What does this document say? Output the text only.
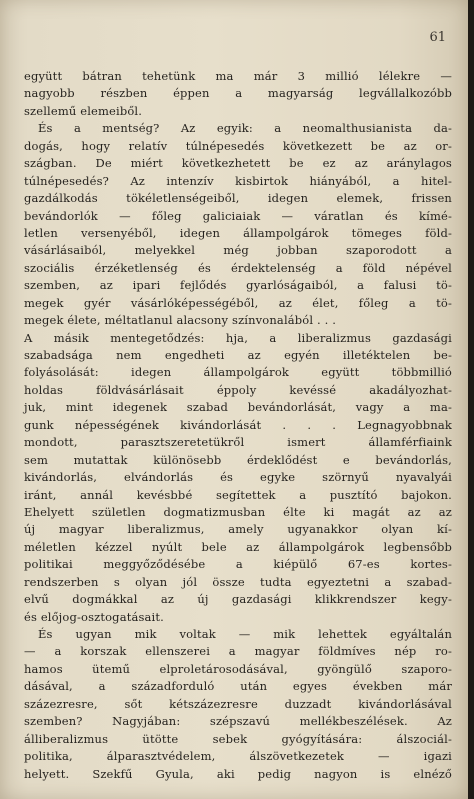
61
együtt bátran tehetünk ma már 3 millió lélekre —
nagyobb részben éppen a magyarság legvállalkozóbb
szellemű elemeiből.
És a mentség? Az egyik: a neomalthusianista da-
dogás, hogy relatív túlnépesedés következett be az or-
szágban. De miért következhetett be ez az aránylagos
túlnépesedés? Az intenzív kisbirtok hiányából, a hitel-
gazdálkodás tökéletlenségeiből, idegen elemek, frissen
bevándorlók — főleg galiciaiak — váratlan és kímé-
letlen versenyéből, idegen állampolgárok tömeges föld-
vásárlásaiból, melyekkel még jobban szaporodott a
szociális érzéketlenség és érdektelenség a föld népével
szemben, az ipari fejlődés gyarlóságaiból, a falusi tö-
megek gyér vásárlóképességéből, az élet, főleg a tö-
megek élete, méltatlanul alacsony színvonalából . . .
A másik mentegetődzés: hja, a liberalizmus gazdasági
szabadsága nem engedheti az egyén illetéktelen be-
folyásolását: idegen állampolgárok együtt többmillió
holdas földvásárlásait éppoly kevéssé akadályozhat-
juk, mint idegenek szabad bevándorlását, vagy a ma-
gunk népességének kivándorlását . . . Legnagyobbnak
mondott, parasztszeretetükről ismert államférfiaink
sem mutattak különösebb érdeklődést e bevándorlás,
kivándorlás, elvándorlás és egyke szörnyű nyavalyái
iránt, annál kevésbbé segítettek a pusztító bajokon.
Ehelyett születlen dogmatizmusban élte ki magát az az
új magyar liberalizmus, amely ugyanakkor olyan kí-
méletlen kézzel nyúlt bele az állampolgárok legbensőbb
politikai meggyőződésébe a kiépülő 67-es kortes-
rendszerben s olyan jól össze tudta egyeztetni a szabad-
elvű dogmákkal az új gazdasági klikkrendszer kegy-
és előjog-osztogatásait.
És ugyan mik voltak — mik lehettek egyáltalán
— a korszak ellenszerei a magyar földmíves nép ro-
hamos ütemű elproletárosodásával, gyöngülő szaporo-
dásával, a századforduló után egyes években már
százezresre, sőt kétszázezresre duzzadt kivándorlásával
szemben? Nagyjában: szépszavú mellékbeszélések. Az
álliberalizmus ütötte sebek gyógyítására: álszociál-
politika, álparasztvédelem, álszövetkezetek — igazi
helyett. Szekfű Gyula, aki pedig nagyon is elnéző
